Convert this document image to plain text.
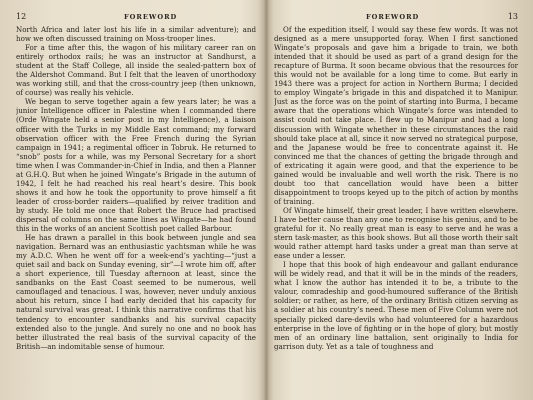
12	FOREWORD

North Africa and later lost his life in a similar adventure); and how we often discussed training on Moss-trooper lines.

For a time after this, the wagon of his military career ran on entirely orthodox rails; he was an instructor at Sandhurst, a student at the Staff College, all inside the sealed-pattern box of the Aldershot Command. But I felt that the leaven of unorthodoxy was working still, and that the cross-country jeep (then unknown, of course) was really his vehicle.

We began to serve together again a few years later; he was a junior Intelligence officer in Palestine when I commanded there (Orde Wingate held a senior post in my Intelligence), a liaison officer with the Turks in my Middle East command; my forward observation officer with the Free French during the Syrian campaign in 1941; a regimental officer in Tobruk. He returned to “snob” posts for a while, was my Personal Secretary for a short time when I was Commander-in-Chief in India, and then a Planner at G.H.Q. But when he joined Wingate’s Brigade in the autumn of 1942, I felt he had reached his real heart’s desire. This book shows it and how he took the opportunity to prove himself a fit leader of cross-border raiders—qualified by reiver tradition and by study. He told me once that Robert the Bruce had practised dispersal of columns on the same lines as Wingate—he had found this in the works of an ancient Scottish poet called Barbour.

He has drawn a parallel in this book between jungle and sea navigation. Bernard was an enthusiastic yachtsman while he was my A.D.C. When he went off for a week-end’s yachting—“just a quiet sail and back on Sunday evening, sir”—I wrote him off, after a short experience, till Tuesday afternoon at least, since the sandbanks on the East Coast seemed to be numerous, well camouflaged and tenacious. I was, however, never unduly anxious about his return, since I had early decided that his capacity for natural survival was great. I think this narrative confirms that his tendency to encounter sandbanks and his survival capacity extended also to the jungle. And surely no one and no book has better illustrated the real basis of the survival capacity of the British—an indomitable sense of humour.

FOREWORD	13

Of the expedition itself, I would say these few words. It was not designed as a mere unsupported foray. When I first sanctioned Wingate’s proposals and gave him a brigade to train, we both intended that it should be used as part of a grand design for the recapture of Burma. It soon became obvious that the resources for this would not be available for a long time to come. But early in 1943 there was a project for action in Northern Burma; I decided to employ Wingate’s brigade in this and dispatched it to Manipur. Just as the force was on the point of starting into Burma, I became aware that the operations which Wingate’s force was intended to assist could not take place. I flew up to Manipur and had a long discussion with Wingate whether in these circumstances the raid should take place at all, since it now served no strategical purpose, and the Japanese would be free to concentrate against it. He convinced me that the chances of getting the brigade through and of extricating it again were good, and that the experience to be gained would be invaluable and well worth the risk. There is no doubt too that cancellation would have been a bitter disappointment to troops keyed up to the pitch of action by months of training.

Of Wingate himself, their great leader, I have written elsewhere. I have better cause than any one to recognise his genius, and to be grateful for it. No really great man is easy to serve and he was a stern task-master, as this book shows. But all those worth their salt would rather attempt hard tasks under a great man than serve at ease under a lesser.

I hope that this book of high endeavour and gallant endurance will be widely read, and that it will be in the minds of the readers, what I know the author has intended it to be, a tribute to the valour, comradeship and good-humoured sufferance of the British soldier; or rather, as here, of the ordinary British citizen serving as a soldier at his country’s need. These men of Five Column were not specially picked dare-devils who had volunteered for a hazardous enterprise in the love of fighting or in the hope of glory, but mostly men of an ordinary line battalion, sent originally to India for garrison duty. Yet as a tale of toughness and
